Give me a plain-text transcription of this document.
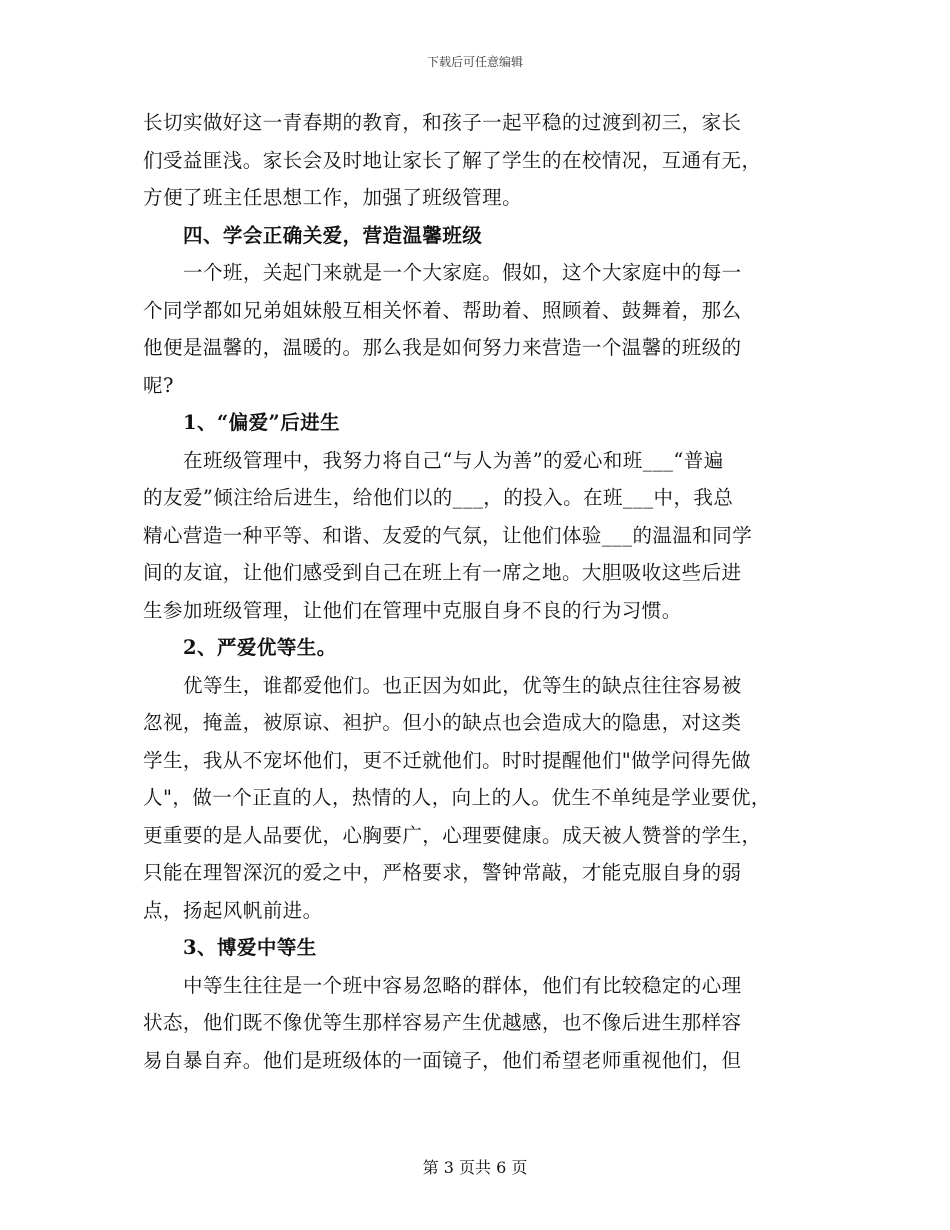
下载后可任意编辑
长切实做好这一青春期的教育，和孩子一起平稳的过渡到初三，家长
们受益匪浅。家长会及时地让家长了解了学生的在校情况，互通有无，
方便了班主任思想工作，加强了班级管理。
四、学会正确关爱，营造温馨班级
一个班，关起门来就是一个大家庭。假如，这个大家庭中的每一
个同学都如兄弟姐妹般互相关怀着、帮助着、照顾着、鼓舞着，那么
他便是温馨的，温暖的。那么我是如何努力来营造一个温馨的班级的
呢?
1、“偏爱”后进生
在班级管理中，我努力将自己“与人为善”的爱心和班___“普遍
的友爱”倾注给后进生，给他们以的___，的投入。在班___中，我总
精心营造一种平等、和谐、友爱的气氛，让他们体验___的温温和同学
间的友谊，让他们感受到自己在班上有一席之地。大胆吸收这些后进
生参加班级管理，让他们在管理中克服自身不良的行为习惯。
2、严爱优等生。
优等生，谁都爱他们。也正因为如此，优等生的缺点往往容易被
忽视，掩盖，被原谅、袒护。但小的缺点也会造成大的隐患，对这类
学生，我从不宠坏他们，更不迁就他们。时时提醒他们"做学问得先做
人"，做一个正直的人，热情的人，向上的人。优生不单纯是学业要优，
更重要的是人品要优，心胸要广，心理要健康。成天被人赞誉的学生，
只能在理智深沉的爱之中，严格要求，警钟常敲，才能克服自身的弱
点，扬起风帆前进。
3、博爱中等生
中等生往往是一个班中容易忽略的群体，他们有比较稳定的心理
状态，他们既不像优等生那样容易产生优越感，也不像后进生那样容
易自暴自弃。他们是班级体的一面镜子，他们希望老师重视他们，但
第 3 页共 6 页
